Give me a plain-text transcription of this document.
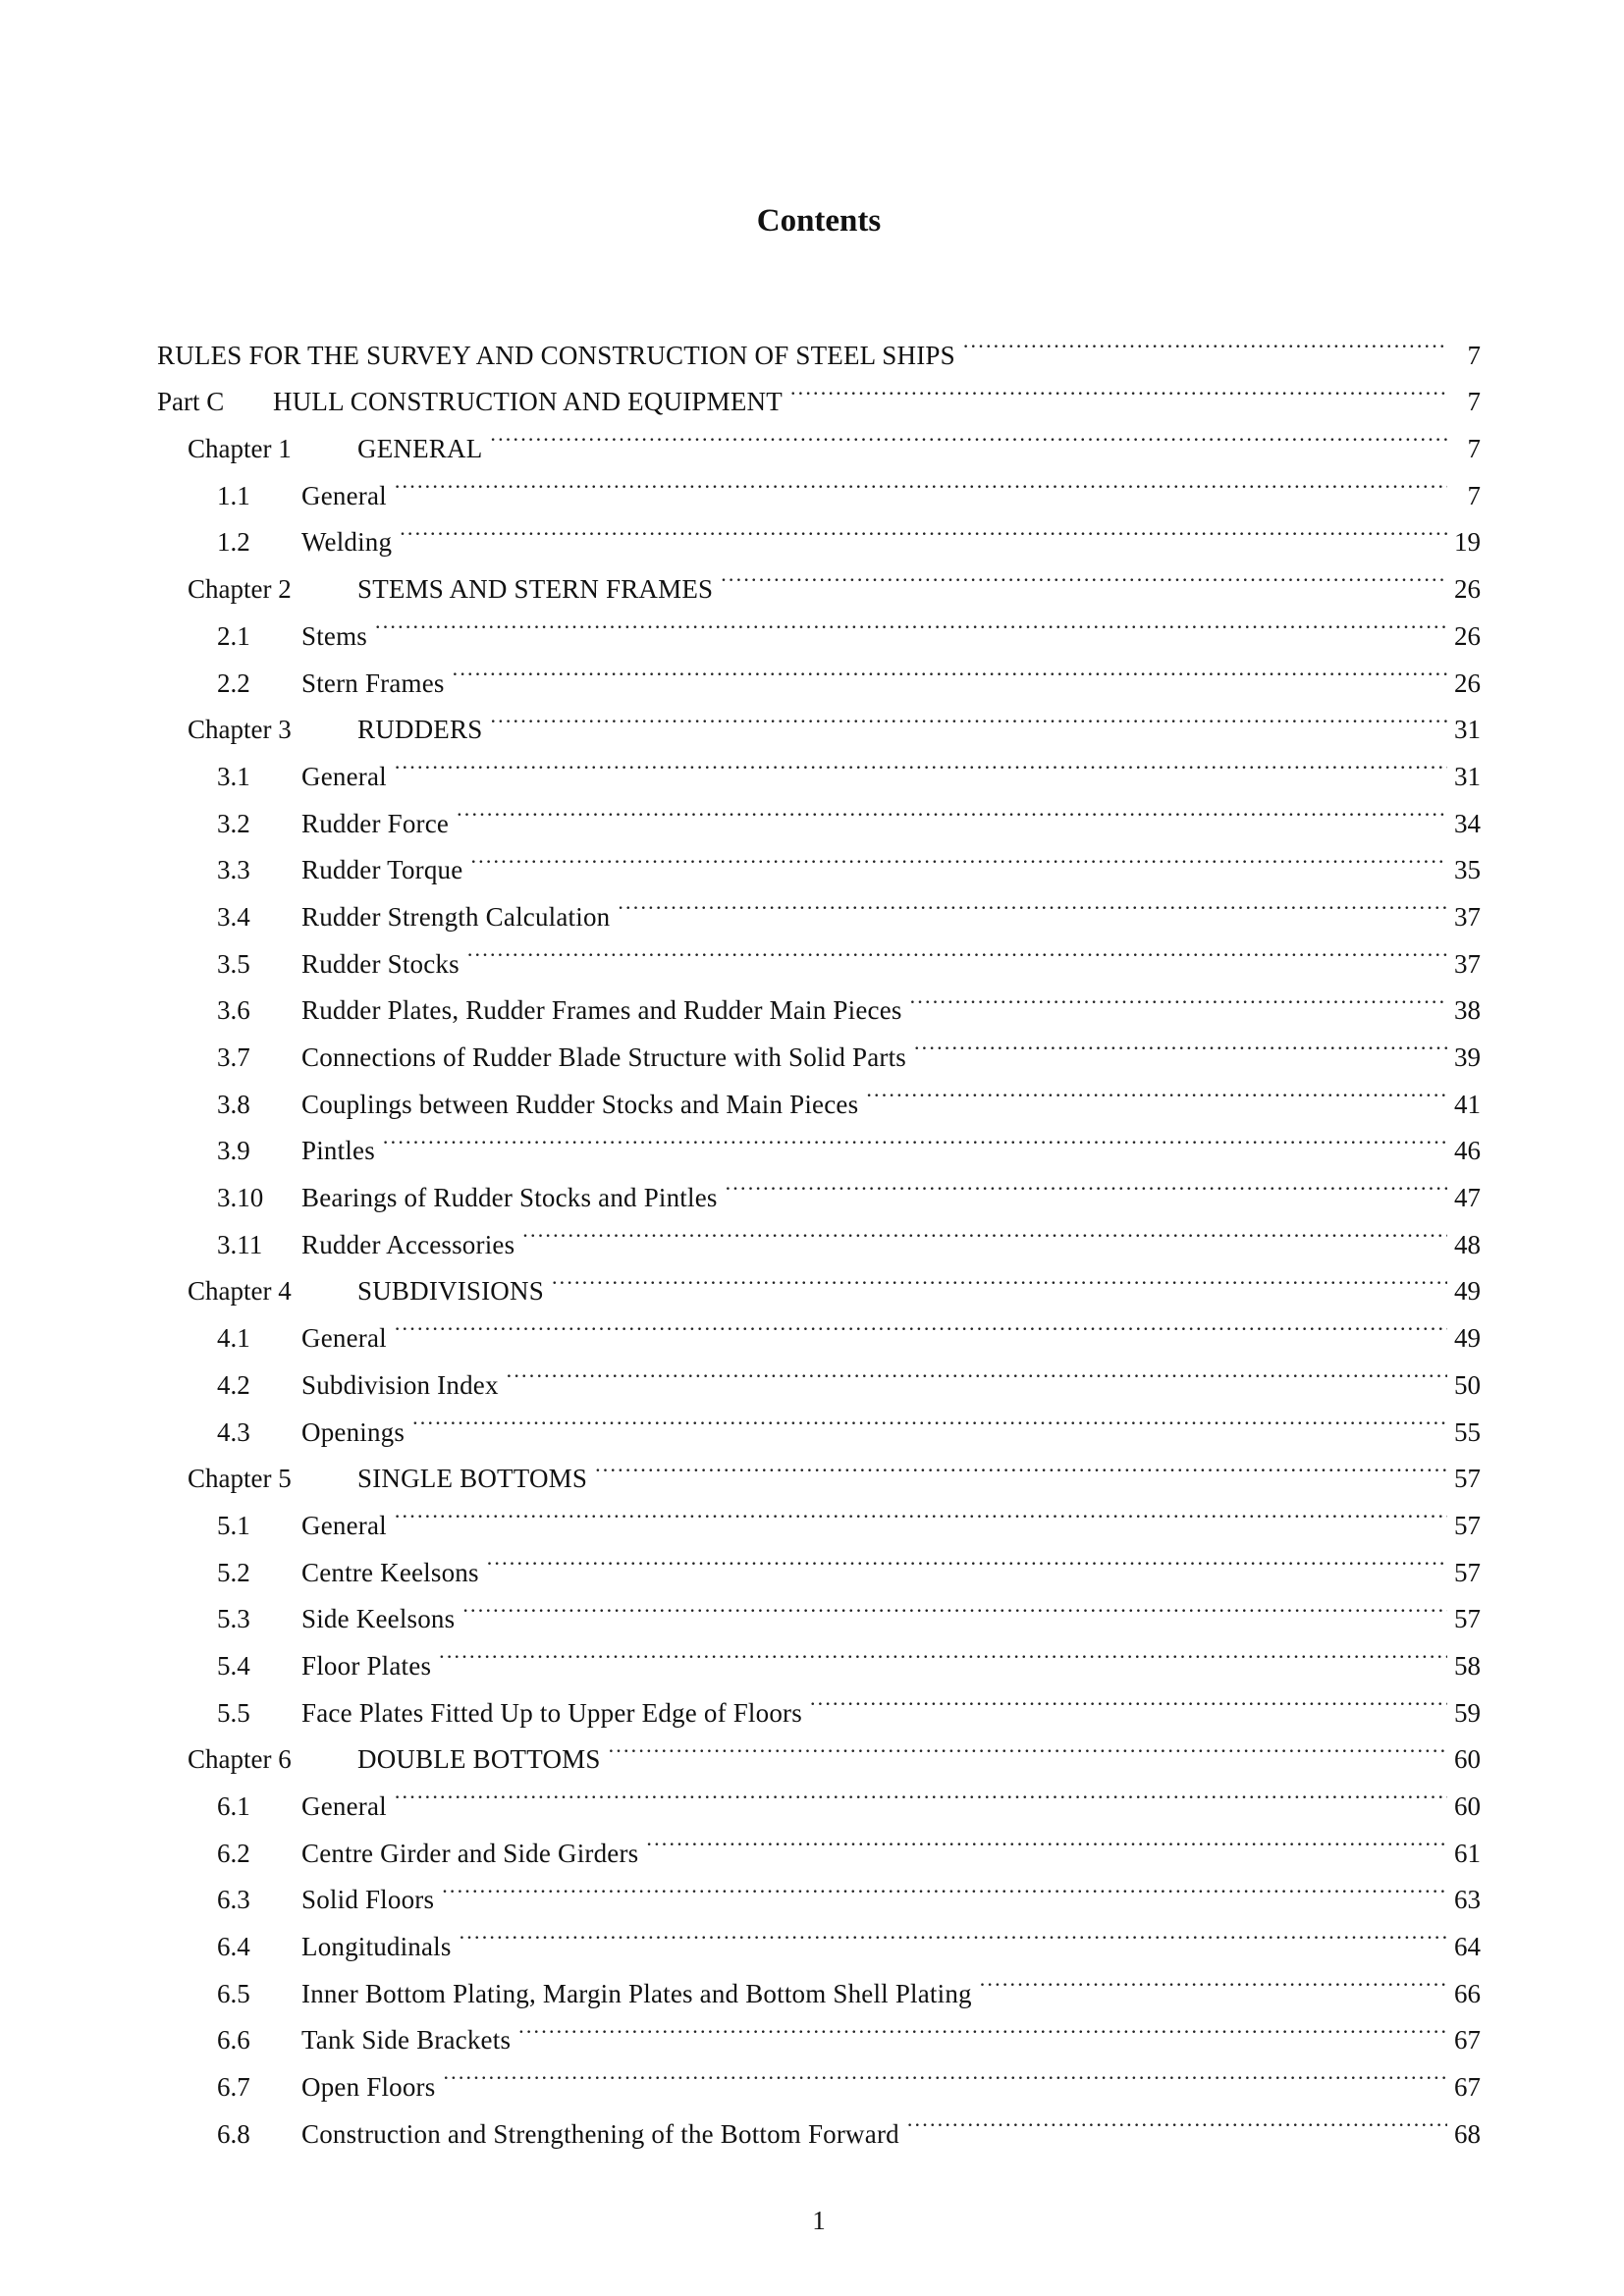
Contents
RULES FOR THE SURVEY AND CONSTRUCTION OF STEEL SHIPS .....	7
Part C	HULL CONSTRUCTION AND EQUIPMENT .....	7
Chapter 1	GENERAL .....	7
1.1	General .....	7
1.2	Welding .....	19
Chapter 2	STEMS AND STERN FRAMES .....	26
2.1	Stems .....	26
2.2	Stern Frames .....	26
Chapter 3	RUDDERS .....	31
3.1	General .....	31
3.2	Rudder Force .....	34
3.3	Rudder Torque .....	35
3.4	Rudder Strength Calculation .....	37
3.5	Rudder Stocks .....	37
3.6	Rudder Plates, Rudder Frames and Rudder Main Pieces .....	38
3.7	Connections of Rudder Blade Structure with Solid Parts .....	39
3.8	Couplings between Rudder Stocks and Main Pieces .....	41
3.9	Pintles .....	46
3.10	Bearings of Rudder Stocks and Pintles .....	47
3.11	Rudder Accessories .....	48
Chapter 4	SUBDIVISIONS .....	49
4.1	General .....	49
4.2	Subdivision Index .....	50
4.3	Openings .....	55
Chapter 5	SINGLE BOTTOMS .....	57
5.1	General .....	57
5.2	Centre Keelsons .....	57
5.3	Side Keelsons .....	57
5.4	Floor Plates .....	58
5.5	Face Plates Fitted Up to Upper Edge of Floors .....	59
Chapter 6	DOUBLE BOTTOMS .....	60
6.1	General .....	60
6.2	Centre Girder and Side Girders .....	61
6.3	Solid Floors .....	63
6.4	Longitudinals .....	64
6.5	Inner Bottom Plating, Margin Plates and Bottom Shell Plating .....	66
6.6	Tank Side Brackets .....	67
6.7	Open Floors .....	67
6.8	Construction and Strengthening of the Bottom Forward .....	68
1
